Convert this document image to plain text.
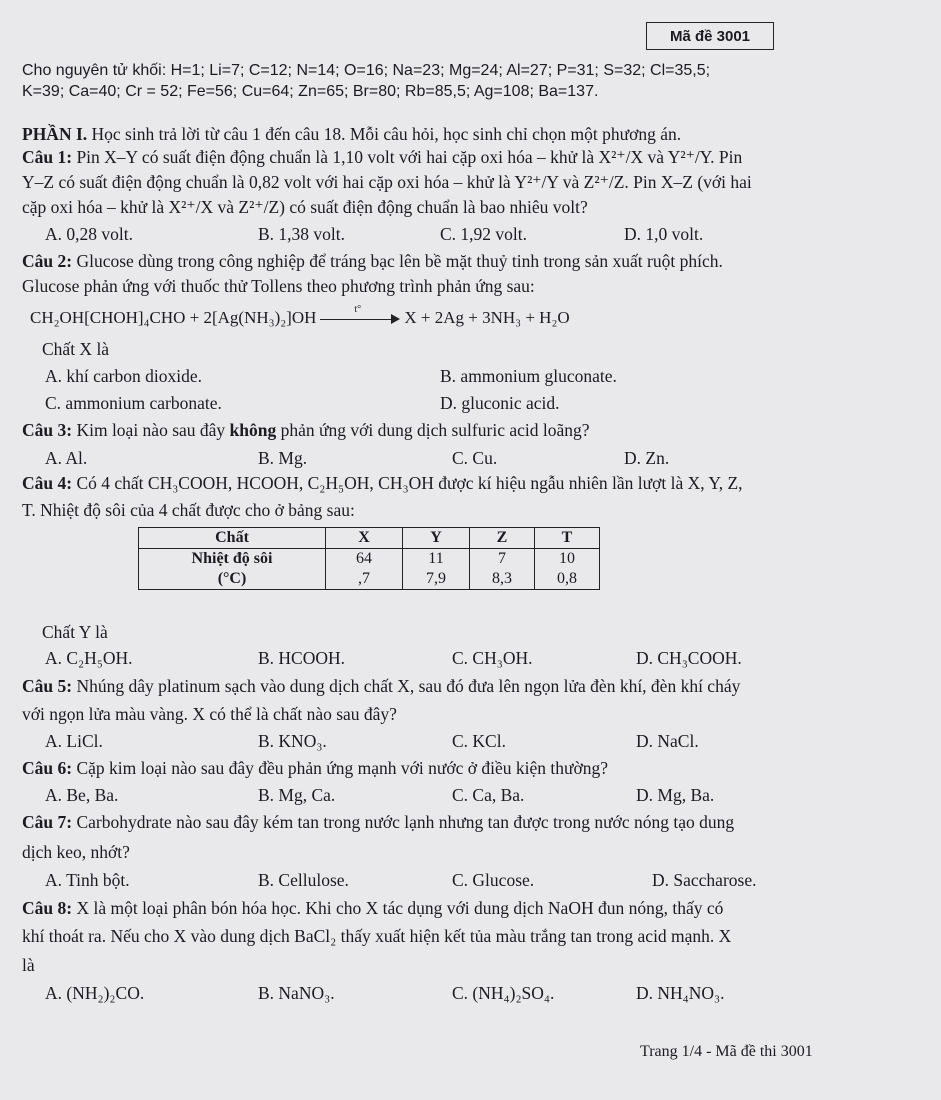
Mã đề 3001
Cho nguyên tử khối: H=1; Li=7; C=12; N=14; O=16; Na=23; Mg=24; Al=27; P=31; S=32; Cl=35,5;
K=39; Ca=40; Cr = 52; Fe=56; Cu=64; Zn=65; Br=80; Rb=85,5; Ag=108; Ba=137.
PHẦN I. Học sinh trả lời từ câu 1 đến câu 18. Mỗi câu hỏi, học sinh chỉ chọn một phương án.
Câu 1: Pin X–Y có suất điện động chuẩn là 1,10 volt với hai cặp oxi hóa – khử là X²⁺/X và Y²⁺/Y. Pin
Y–Z có suất điện động chuẩn là 0,82 volt với hai cặp oxi hóa – khử là Y²⁺/Y và Z²⁺/Z. Pin X–Z (với hai
cặp oxi hóa – khử là X²⁺/X và Z²⁺/Z) có suất điện động chuẩn là bao nhiêu volt?
A. 0,28 volt.	B. 1,38 volt.	C. 1,92 volt.	D. 1,0 volt.
Câu 2: Glucose dùng trong công nghiệp để tráng bạc lên bề mặt thuỷ tinh trong sản xuất ruột phích.
Glucose phản ứng với thuốc thử Tollens theo phương trình phản ứng sau:
CH₂OH[CHOH]₄CHO + 2[Ag(NH₃)₂]OH	t°	X + 2Ag + 3NH₃ + H₂O
Chất X là
A. khí carbon dioxide.	B. ammonium gluconate.
C. ammonium carbonate.	D. gluconic acid.
Câu 3: Kim loại nào sau đây không phản ứng với dung dịch sulfuric acid loãng?
A. Al.	B. Mg.	C. Cu.	D. Zn.
Câu 4: Có 4 chất CH₃COOH, HCOOH, C₂H₅OH, CH₃OH được kí hiệu ngẫu nhiên lần lượt là X, Y, Z,
T. Nhiệt độ sôi của 4 chất được cho ở bảng sau:
Chất	X	Y	Z	T
Nhiệt độ sôi	64	11	7	10
(°C)	,7	7,9	8,3	0,8
Chất Y là
A. C₂H₅OH.	B. HCOOH.	C. CH₃OH.	D. CH₃COOH.
Câu 5: Nhúng dây platinum sạch vào dung dịch chất X, sau đó đưa lên ngọn lửa đèn khí, đèn khí cháy
với ngọn lửa màu vàng. X có thể là chất nào sau đây?
A. LiCl.	B. KNO₃.	C. KCl.	D. NaCl.
Câu 6: Cặp kim loại nào sau đây đều phản ứng mạnh với nước ở điều kiện thường?
A. Be, Ba.	B. Mg, Ca.	C. Ca, Ba.	D. Mg, Ba.
Câu 7: Carbohydrate nào sau đây kém tan trong nước lạnh nhưng tan được trong nước nóng tạo dung
dịch keo, nhớt?
A. Tinh bột.	B. Cellulose.	C. Glucose.	D. Saccharose.
Câu 8: X là một loại phân bón hóa học. Khi cho X tác dụng với dung dịch NaOH đun nóng, thấy có
khí thoát ra. Nếu cho X vào dung dịch BaCl₂ thấy xuất hiện kết tủa màu trắng tan trong acid mạnh. X
là
A. (NH₂)₂CO.	B. NaNO₃.	C. (NH₄)₂SO₄.	D. NH₄NO₃.
Trang 1/4 - Mã đề thi 3001
